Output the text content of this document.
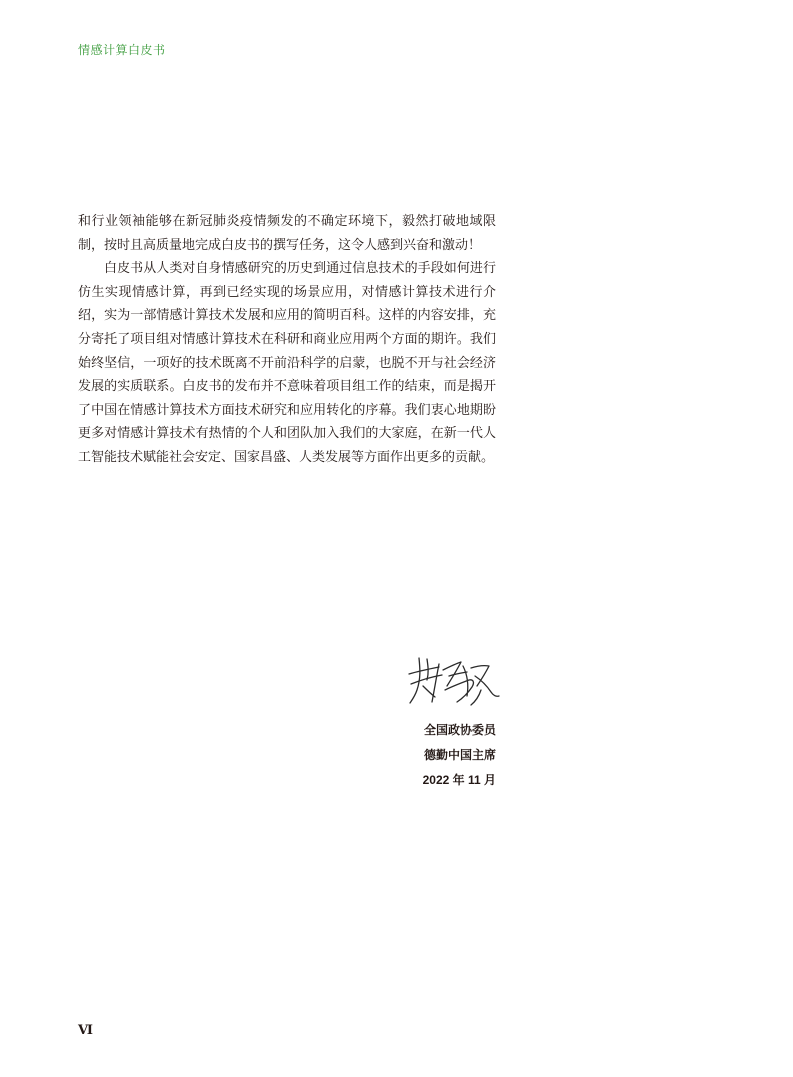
情感计算白皮书

和行业领袖能够在新冠肺炎疫情频发的不确定环境下，毅然打破地域限制，按时且高质量地完成白皮书的撰写任务，这令人感到兴奋和激动！

白皮书从人类对自身情感研究的历史到通过信息技术的手段如何进行仿生实现情感计算，再到已经实现的场景应用，对情感计算技术进行介绍，实为一部情感计算技术发展和应用的简明百科。这样的内容安排，充分寄托了项目组对情感计算技术在科研和商业应用两个方面的期许。我们始终坚信，一项好的技术既离不开前沿科学的启蒙，也脱不开与社会经济发展的实质联系。白皮书的发布并不意味着项目组工作的结束，而是揭开了中国在情感计算技术方面技术研究和应用转化的序幕。我们衷心地期盼更多对情感计算技术有热情的个人和团队加入我们的大家庭，在新一代人工智能技术赋能社会安定、国家昌盛、人类发展等方面作出更多的贡献。

全国政协委员
德勤中国主席
2022 年 11 月
Ⅵ
